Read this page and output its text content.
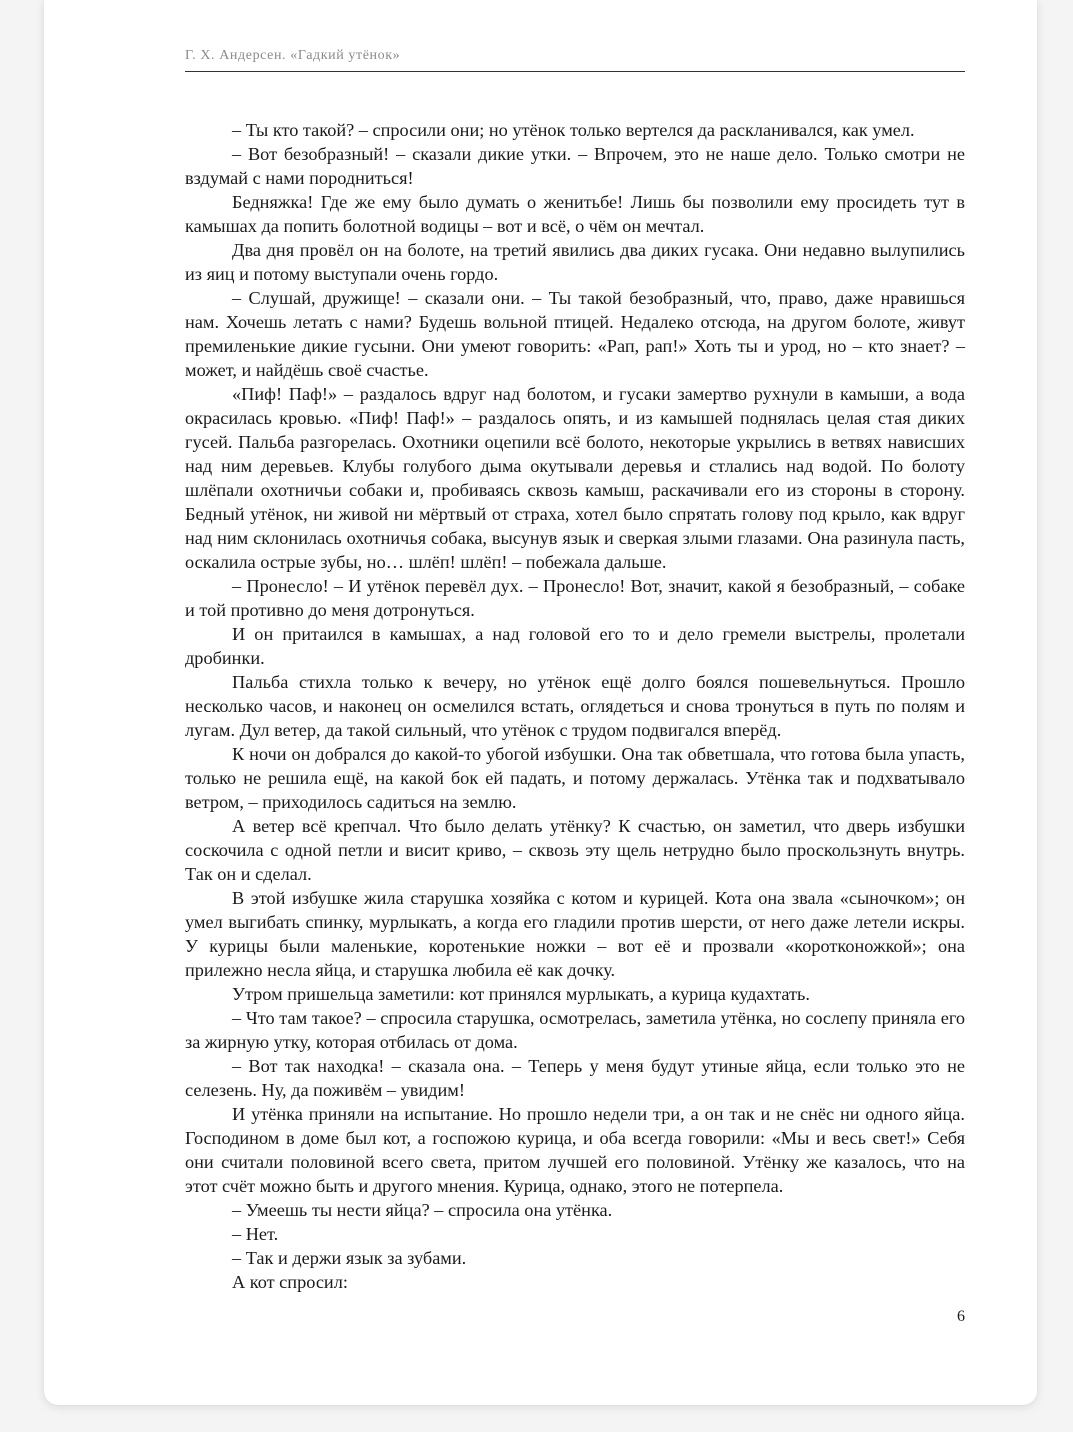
Г. Х. Андерсен. «Гадкий утёнок»

– Ты кто такой? – спросили они; но утёнок только вертелся да раскланивался, как умел.

– Вот безобразный! – сказали дикие утки. – Впрочем, это не наше дело. Только смотри не вздумай с нами породниться!

Бедняжка! Где же ему было думать о женитьбе! Лишь бы позволили ему просидеть тут в камышах да попить болотной водицы – вот и всё, о чём он мечтал.

Два дня провёл он на болоте, на третий явились два диких гусака. Они недавно вылупились из яиц и потому выступали очень гордо.

– Слушай, дружище! – сказали они. – Ты такой безобразный, что, право, даже нравишься нам. Хочешь летать с нами? Будешь вольной птицей. Недалеко отсюда, на другом болоте, живут премиленькие дикие гусыни. Они умеют говорить: «Рап, рап!» Хоть ты и урод, но – кто знает? – может, и найдёшь своё счастье.

«Пиф! Паф!» – раздалось вдруг над болотом, и гусаки замертво рухнули в камыши, а вода окрасилась кровью. «Пиф! Паф!» – раздалось опять, и из камышей поднялась целая стая диких гусей. Пальба разгорелась. Охотники оцепили всё болото, некоторые укрылись в ветвях нависших над ним деревьев. Клубы голубого дыма окутывали деревья и стлались над водой. По болоту шлёпали охотничьи собаки и, пробиваясь сквозь камыш, раскачивали его из стороны в сторону. Бедный утёнок, ни живой ни мёртвый от страха, хотел было спрятать голову под крыло, как вдруг над ним склонилась охотничья собака, высунув язык и сверкая злыми глазами. Она разинула пасть, оскалила острые зубы, но… шлёп! шлёп! – побежала дальше.

– Пронесло! – И утёнок перевёл дух. – Пронесло! Вот, значит, какой я безобразный, – собаке и той противно до меня дотронуться.

И он притаился в камышах, а над головой его то и дело гремели выстрелы, пролетали дробинки.

Пальба стихла только к вечеру, но утёнок ещё долго боялся пошевельнуться. Прошло несколько часов, и наконец он осмелился встать, оглядеться и снова тронуться в путь по полям и лугам. Дул ветер, да такой сильный, что утёнок с трудом подвигался вперёд.

К ночи он добрался до какой-то убогой избушки. Она так обветшала, что готова была упасть, только не решила ещё, на какой бок ей падать, и потому держалась. Утёнка так и подхватывало ветром, – приходилось садиться на землю.

А ветер всё крепчал. Что было делать утёнку? К счастью, он заметил, что дверь избушки соскочила с одной петли и висит криво, – сквозь эту щель нетрудно было проскользнуть внутрь. Так он и сделал.

В этой избушке жила старушка хозяйка с котом и курицей. Кота она звала «сыночком»; он умел выгибать спинку, мурлыкать, а когда его гладили против шерсти, от него даже летели искры. У курицы были маленькие, коротенькие ножки – вот её и прозвали «коротконожкой»; она прилежно несла яйца, и старушка любила её как дочку.

Утром пришельца заметили: кот принялся мурлыкать, а курица кудахтать.

– Что там такое? – спросила старушка, осмотрелась, заметила утёнка, но сослепу приняла его за жирную утку, которая отбилась от дома.

– Вот так находка! – сказала она. – Теперь у меня будут утиные яйца, если только это не селезень. Ну, да поживём – увидим!

И утёнка приняли на испытание. Но прошло недели три, а он так и не снёс ни одного яйца. Господином в доме был кот, а госпожою курица, и оба всегда говорили: «Мы и весь свет!» Себя они считали половиной всего света, притом лучшей его половиной. Утёнку же казалось, что на этот счёт можно быть и другого мнения. Курица, однако, этого не потерпела.

– Умеешь ты нести яйца? – спросила она утёнка.

– Нет.

– Так и держи язык за зубами.

А кот спросил:

6
